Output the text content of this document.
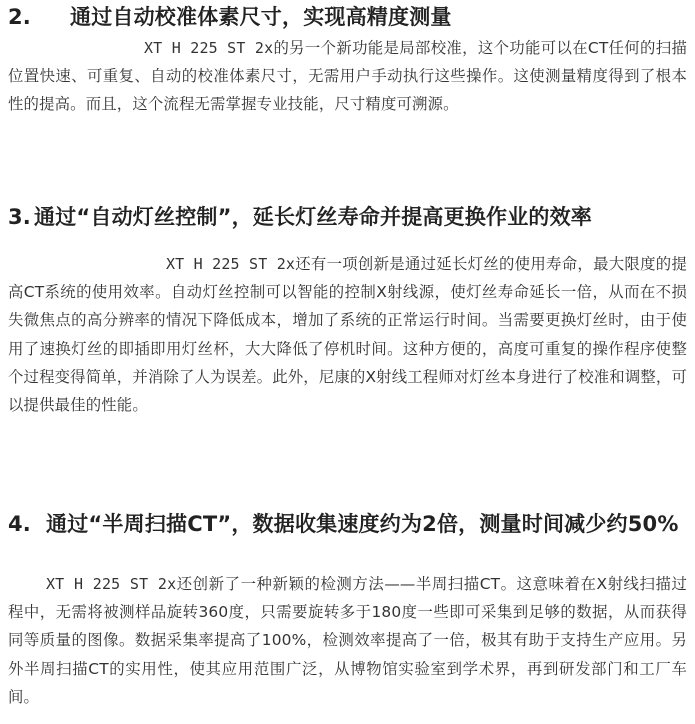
2. 通过自动校准体素尺寸，实现高精度测量
XT H 225 ST 2x的另一个新功能是局部校准，这个功能可以在CT任何的扫描位置快速、可重复、自动的校准体素尺寸，无需用户手动执行这些操作。这使测量精度得到了根本性的提高。而且，这个流程无需掌握专业技能，尺寸精度可溯源。
3. 通过“自动灯丝控制”，延长灯丝寿命并提高更换作业的效率
XT H 225 ST 2x还有一项创新是通过延长灯丝的使用寿命，最大限度的提高CT系统的使用效率。自动灯丝控制可以智能的控制X射线源，使灯丝寿命延长一倍，从而在不损失微焦点的高分辨率的情况下降低成本，增加了系统的正常运行时间。当需要更换灯丝时，由于使用了速换灯丝的即插即用灯丝杯，大大降低了停机时间。这种方便的，高度可重复的操作程序使整个过程变得简单，并消除了人为误差。此外，尼康的X射线工程师对灯丝本身进行了校准和调整，可以提供最佳的性能。
4. 通过“半周扫描CT”，数据收集速度约为2倍，测量时间减少约50%
XT H 225 ST 2x还创新了一种新颖的检测方法——半周扫描CT。这意味着在X射线扫描过程中，无需将被测样品旋转360度，只需要旋转多于180度一些即可采集到足够的数据，从而获得同等质量的图像。数据采集率提高了100%，检测效率提高了一倍，极其有助于支持生产应用。另外半周扫描CT的实用性，使其应用范围广泛，从博物馆实验室到学术界，再到研发部门和工厂车间。
